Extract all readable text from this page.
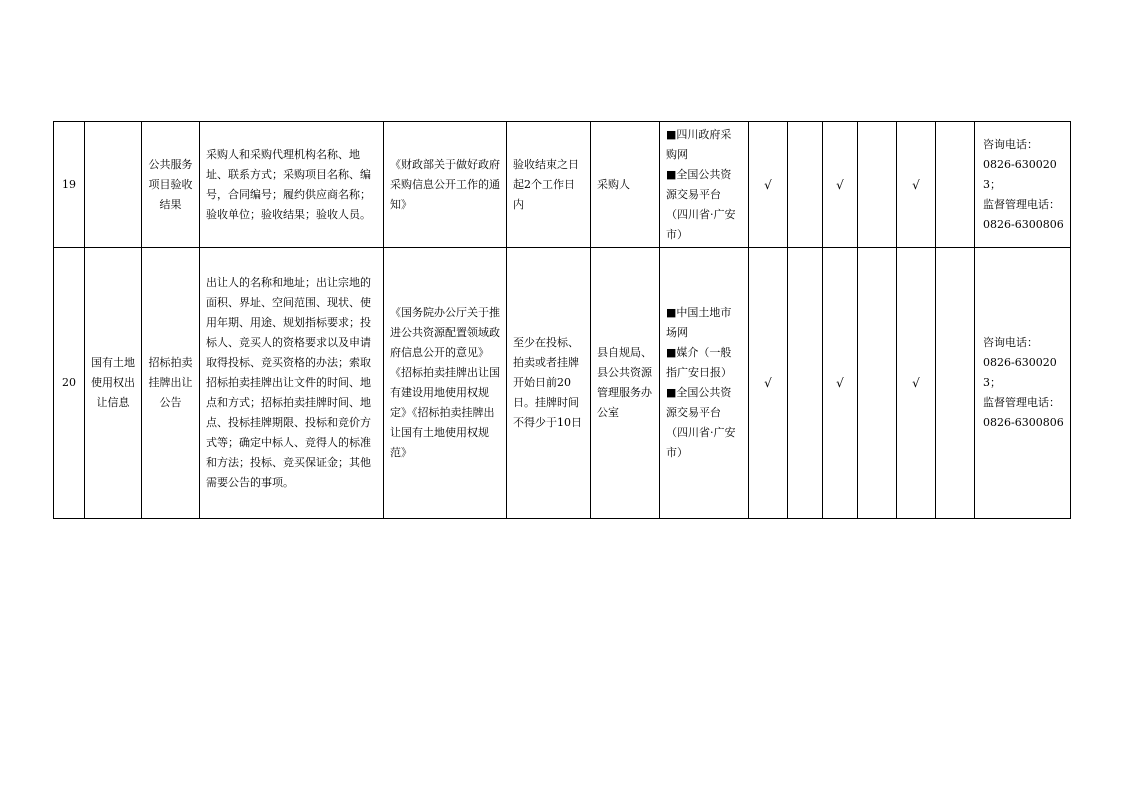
19		公共服务项目验收结果	采购人和采购代理机构名称、地址、联系方式；采购项目名称、编号，合同编号；履约供应商名称；验收单位；验收结果；验收人员。	《财政部关于做好政府采购信息公开工作的通知》	验收结束之日起2个工作日内	采购人	■四川政府采购网
■全国公共资源交易平台（四川省·广安市）	√		√		√		咨询电话：
0826-6300203；
监督管理电话：
0826-6300806

20	国有土地使用权出让信息	招标拍卖挂牌出让公告	出让人的名称和地址；出让宗地的面积、界址、空间范围、现状、使用年期、用途、规划指标要求；投标人、竞买人的资格要求以及申请取得投标、竞买资格的办法；索取招标拍卖挂牌出让文件的时间、地点和方式；招标拍卖挂牌时间、地点、投标挂牌期限、投标和竞价方式等；确定中标人、竞得人的标准和方法；投标、竞买保证金；其他需要公告的事项。	《国务院办公厅关于推进公共资源配置领域政府信息公开的意见》《招标拍卖挂牌出让国有建设用地使用权规定》《招标拍卖挂牌出让国有土地使用权规范》	至少在投标、拍卖或者挂牌开始日前20日。挂牌时间不得少于10日	县自规局、县公共资源管理服务办公室	■中国土地市场网
■媒介（一般指广安日报）
■全国公共资源交易平台（四川省·广安市）	√		√		√		咨询电话：
0826-6300203；
监督管理电话：
0826-6300806
